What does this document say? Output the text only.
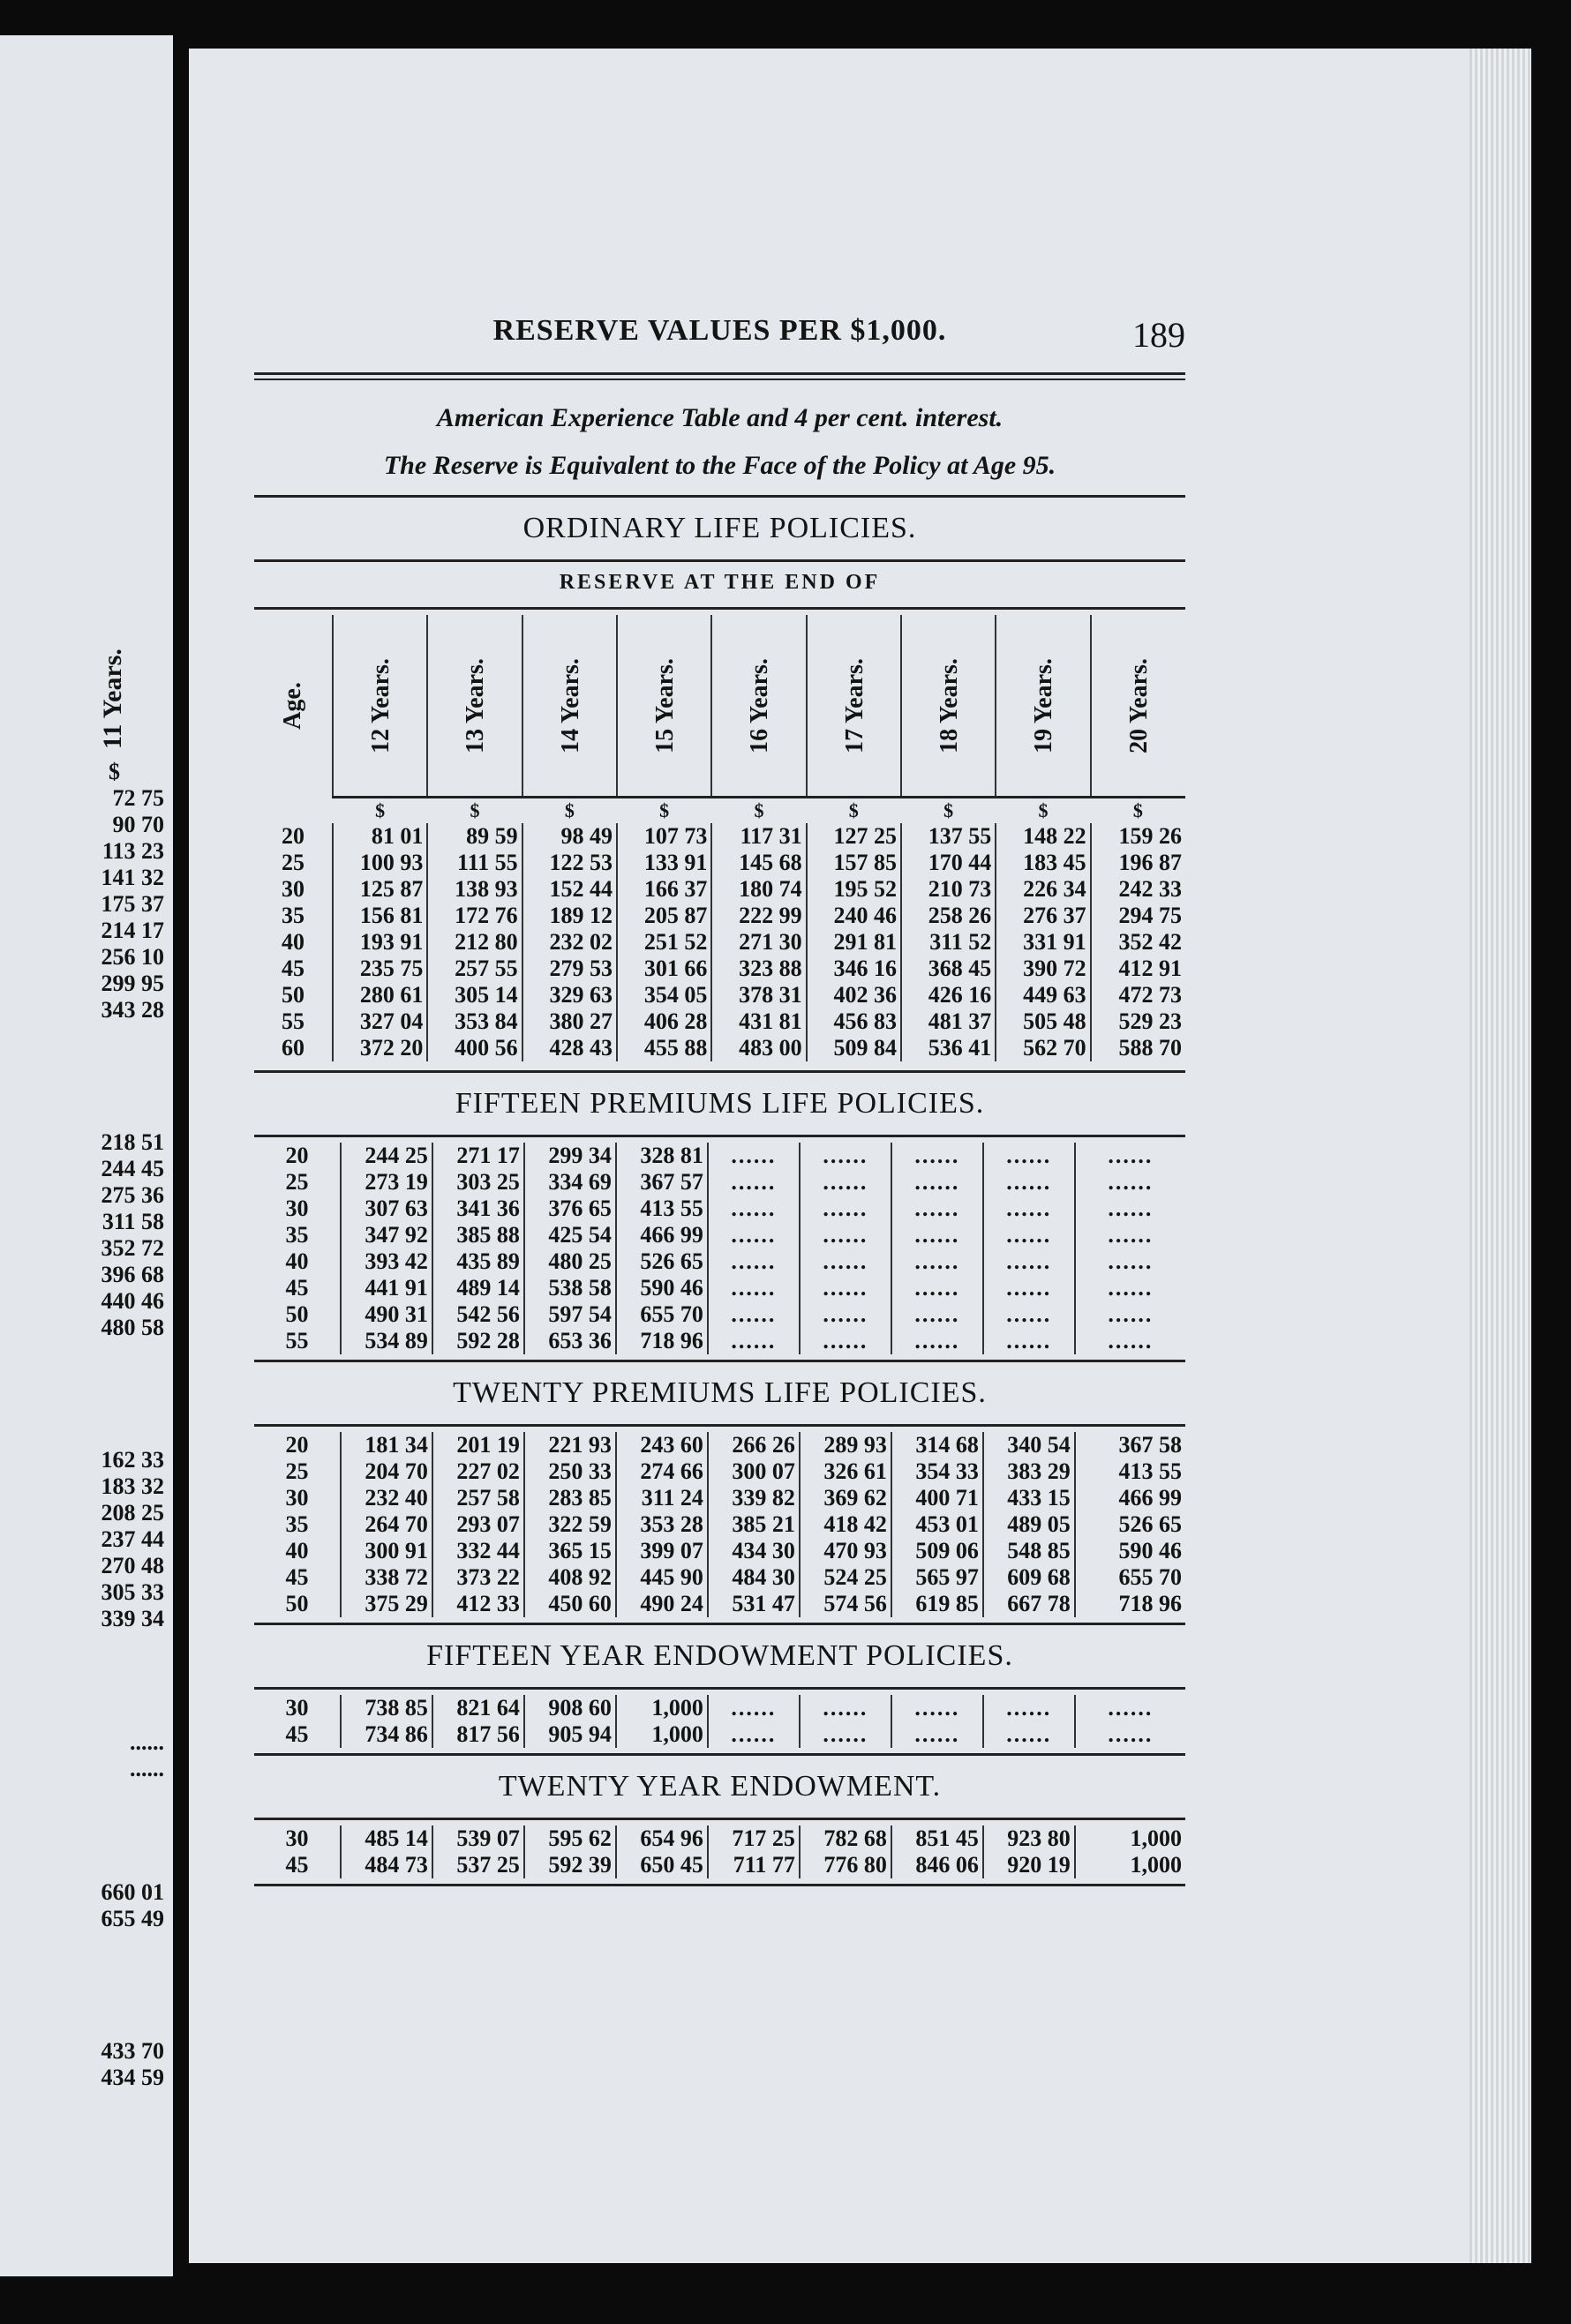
11 Years.
$
72 75
90 70
113 23
141 32
175 37
214 17
256 10
299 95
343 28
218 51
244 45
275 36
311 58
352 72
396 68
440 46
480 58
162 33
183 32
208 25
237 44
270 48
305 33
339 34
......
......
660 01
655 49
433 70
434 59
RESERVE VALUES PER $1,000.	189
American Experience Table and 4 per cent. interest.
The Reserve is Equivalent to the Face of the Policy at Age 95.
ORDINARY LIFE POLICIES.
RESERVE AT THE END OF
Age.	12 Years.	13 Years.	14 Years.	15 Years.	16 Years.	17 Years.	18 Years.	19 Years.	20 Years.
	$	$	$	$	$	$	$	$	$
20	81 01	89 59	98 49	107 73	117 31	127 25	137 55	148 22	159 26
25	100 93	111 55	122 53	133 91	145 68	157 85	170 44	183 45	196 87
30	125 87	138 93	152 44	166 37	180 74	195 52	210 73	226 34	242 33
35	156 81	172 76	189 12	205 87	222 99	240 46	258 26	276 37	294 75
40	193 91	212 80	232 02	251 52	271 30	291 81	311 52	331 91	352 42
45	235 75	257 55	279 53	301 66	323 88	346 16	368 45	390 72	412 91
50	280 61	305 14	329 63	354 05	378 31	402 36	426 16	449 63	472 73
55	327 04	353 84	380 27	406 28	431 81	456 83	481 37	505 48	529 23
60	372 20	400 56	428 43	455 88	483 00	509 84	536 41	562 70	588 70
FIFTEEN PREMIUMS LIFE POLICIES.
20	244 25	271 17	299 34	328 81	......	......	......	......	......
25	273 19	303 25	334 69	367 57	......	......	......	......	......
30	307 63	341 36	376 65	413 55	......	......	......	......	......
35	347 92	385 88	425 54	466 99	......	......	......	......	......
40	393 42	435 89	480 25	526 65	......	......	......	......	......
45	441 91	489 14	538 58	590 46	......	......	......	......	......
50	490 31	542 56	597 54	655 70	......	......	......	......	......
55	534 89	592 28	653 36	718 96	......	......	......	......	......
TWENTY PREMIUMS LIFE POLICIES.
20	181 34	201 19	221 93	243 60	266 26	289 93	314 68	340 54	367 58
25	204 70	227 02	250 33	274 66	300 07	326 61	354 33	383 29	413 55
30	232 40	257 58	283 85	311 24	339 82	369 62	400 71	433 15	466 99
35	264 70	293 07	322 59	353 28	385 21	418 42	453 01	489 05	526 65
40	300 91	332 44	365 15	399 07	434 30	470 93	509 06	548 85	590 46
45	338 72	373 22	408 92	445 90	484 30	524 25	565 97	609 68	655 70
50	375 29	412 33	450 60	490 24	531 47	574 56	619 85	667 78	718 96
FIFTEEN YEAR ENDOWMENT POLICIES.
30	738 85	821 64	908 60	1,000	......	......	......	......	......
45	734 86	817 56	905 94	1,000	......	......	......	......	......
TWENTY YEAR ENDOWMENT.
30	485 14	539 07	595 62	654 96	717 25	782 68	851 45	923 80	1,000
45	484 73	537 25	592 39	650 45	711 77	776 80	846 06	920 19	1,000
